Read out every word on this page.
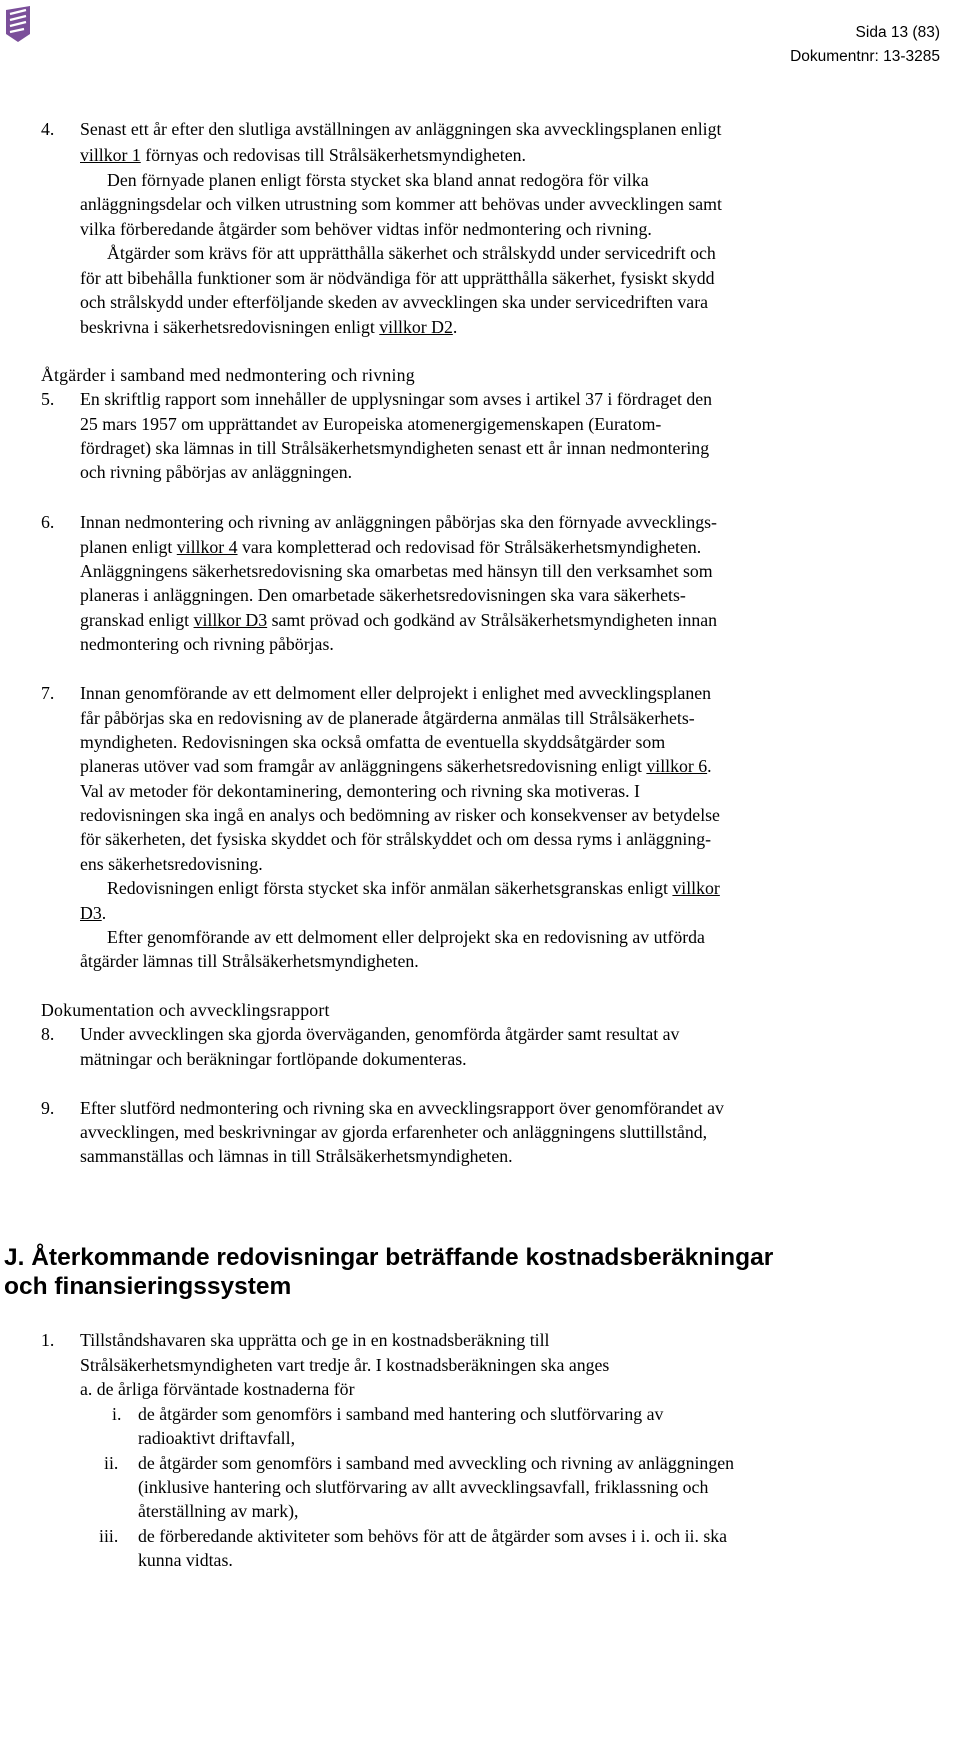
Sida 13 (83)
Dokumentnr: 13-3285
4. Senast ett år efter den slutliga avställningen av anläggningen ska avvecklingsplanen enligt
villkor 1 förnyas och redovisas till Strålsäkerhetsmyndigheten.
Den förnyade planen enligt första stycket ska bland annat redogöra för vilka
anläggningsdelar och vilken utrustning som kommer att behövas under avvecklingen samt
vilka förberedande åtgärder som behöver vidtas inför nedmontering och rivning.
Åtgärder som krävs för att upprätthålla säkerhet och strålskydd under servicedrift och
för att bibehålla funktioner som är nödvändiga för att upprätthålla säkerhet, fysiskt skydd
och strålskydd under efterföljande skeden av avvecklingen ska under servicedriften vara
beskrivna i säkerhetsredovisningen enligt villkor D2.
Åtgärder i samband med nedmontering och rivning
5. En skriftlig rapport som innehåller de upplysningar som avses i artikel 37 i fördraget den
25 mars 1957 om upprättandet av Europeiska atomenergigemenskapen (Euratom-
fördraget) ska lämnas in till Strålsäkerhetsmyndigheten senast ett år innan nedmontering
och rivning påbörjas av anläggningen.
6. Innan nedmontering och rivning av anläggningen påbörjas ska den förnyade avvecklings-
planen enligt villkor 4 vara kompletterad och redovisad för Strålsäkerhetsmyndigheten.
Anläggningens säkerhetsredovisning ska omarbetas med hänsyn till den verksamhet som
planeras i anläggningen. Den omarbetade säkerhetsredovisningen ska vara säkerhets-
granskad enligt villkor D3 samt prövad och godkänd av Strålsäkerhetsmyndigheten innan
nedmontering och rivning påbörjas.
7. Innan genomförande av ett delmoment eller delprojekt i enlighet med avvecklingsplanen
får påbörjas ska en redovisning av de planerade åtgärderna anmälas till Strålsäkerhets-
myndigheten. Redovisningen ska också omfatta de eventuella skyddsåtgärder som
planeras utöver vad som framgår av anläggningens säkerhetsredovisning enligt villkor 6.
Val av metoder för dekontaminering, demontering och rivning ska motiveras. I
redovisningen ska ingå en analys och bedömning av risker och konsekvenser av betydelse
för säkerheten, det fysiska skyddet och för strålskyddet och om dessa ryms i anläggning-
ens säkerhetsredovisning.
Redovisningen enligt första stycket ska inför anmälan säkerhetsgranskas enligt villkor
D3.
Efter genomförande av ett delmoment eller delprojekt ska en redovisning av utförda
åtgärder lämnas till Strålsäkerhetsmyndigheten.
Dokumentation och avvecklingsrapport
8. Under avvecklingen ska gjorda överväganden, genomförda åtgärder samt resultat av
mätningar och beräkningar fortlöpande dokumenteras.
9. Efter slutförd nedmontering och rivning ska en avvecklingsrapport över genomförandet av
avvecklingen, med beskrivningar av gjorda erfarenheter och anläggningens sluttillstånd,
sammanställas och lämnas in till Strålsäkerhetsmyndigheten.
J. Återkommande redovisningar beträffande kostnadsberäkningar
och finansieringssystem
1. Tillståndshavaren ska upprätta och ge in en kostnadsberäkning till
Strålsäkerhetsmyndigheten vart tredje år. I kostnadsberäkningen ska anges
a. de årliga förväntade kostnaderna för
i. de åtgärder som genomförs i samband med hantering och slutförvaring av
radioaktivt driftavfall,
ii. de åtgärder som genomförs i samband med avveckling och rivning av anläggningen
(inklusive hantering och slutförvaring av allt avvecklingsavfall, friklassning och
återställning av mark),
iii. de förberedande aktiviteter som behövs för att de åtgärder som avses i i. och ii. ska
kunna vidtas.
